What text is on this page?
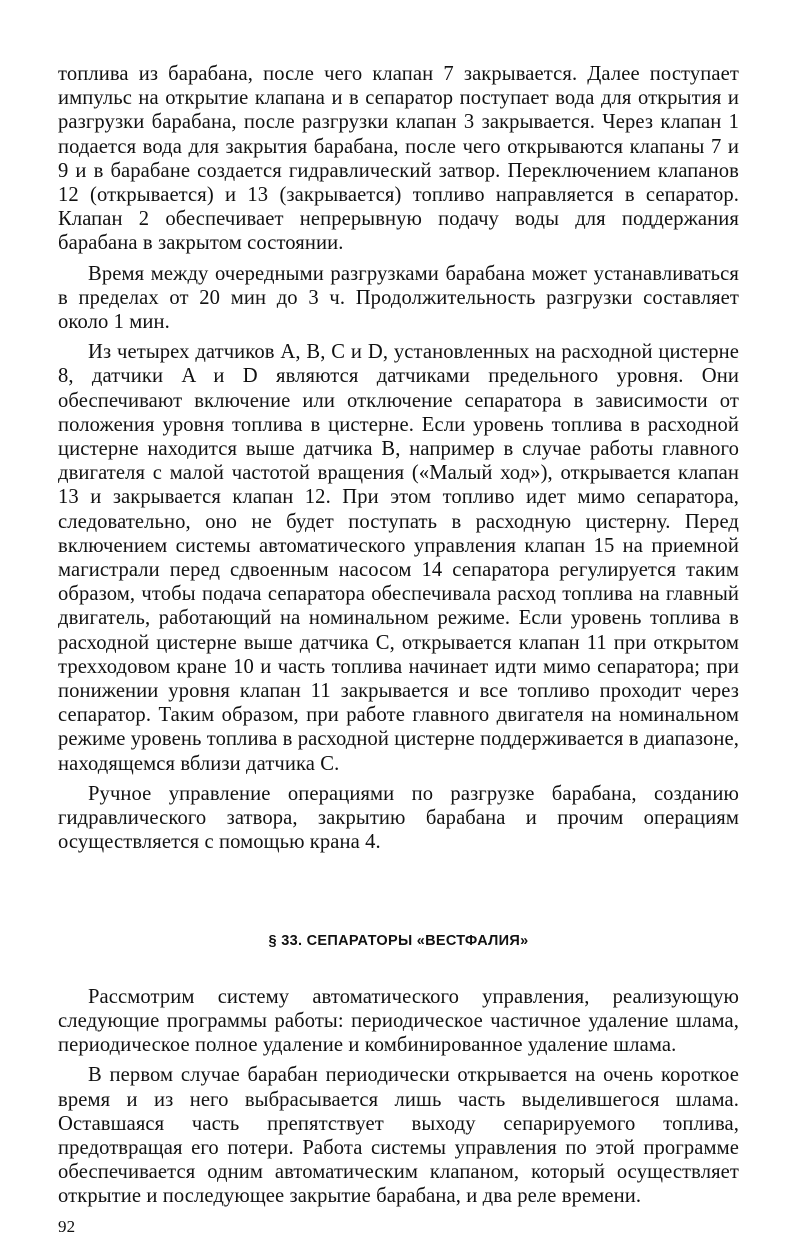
топлива из барабана, после чего клапан 7 закрывается. Далее поступает импульс на открытие клапана и в сепаратор поступает вода для открытия и разгрузки барабана, после разгрузки клапан 3 закрывается. Через клапан 1 подается вода для закрытия барабана, после чего открываются клапаны 7 и 9 и в барабане создается гидравлический затвор. Переключением клапанов 12 (открывается) и 13 (закрывается) топливо направляется в сепаратор. Клапан 2 обеспечивает непрерывную подачу воды для поддержания барабана в закрытом состоянии.

Время между очередными разгрузками барабана может устанавливаться в пределах от 20 мин до 3 ч. Продолжительность разгрузки составляет около 1 мин.

Из четырех датчиков A, B, C и D, установленных на расходной цистерне 8, датчики A и D являются датчиками предельного уровня. Они обеспечивают включение или отключение сепаратора в зависимости от положения уровня топлива в цистерне. Если уровень топлива в расходной цистерне находится выше датчика B, например в случае работы главного двигателя с малой частотой вращения («Малый ход»), открывается клапан 13 и закрывается клапан 12. При этом топливо идет мимо сепаратора, следовательно, оно не будет поступать в расходную цистерну. Перед включением системы автоматического управления клапан 15 на приемной магистрали перед сдвоенным насосом 14 сепаратора регулируется таким образом, чтобы подача сепаратора обеспечивала расход топлива на главный двигатель, работающий на номинальном режиме. Если уровень топлива в расходной цистерне выше датчика C, открывается клапан 11 при открытом трехходовом кране 10 и часть топлива начинает идти мимо сепаратора; при понижении уровня клапан 11 закрывается и все топливо проходит через сепаратор. Таким образом, при работе главного двигателя на номинальном режиме уровень топлива в расходной цистерне поддерживается в диапазоне, находящемся вблизи датчика C.

Ручное управление операциями по разгрузке барабана, созданию гидравлического затвора, закрытию барабана и прочим операциям осуществляется с помощью крана 4.

§ 33. СЕПАРАТОРЫ «ВЕСТФАЛИЯ»

Рассмотрим систему автоматического управления, реализующую следующие программы работы: периодическое частичное удаление шлама, периодическое полное удаление и комбинированное удаление шлама.

В первом случае барабан периодически открывается на очень короткое время и из него выбрасывается лишь часть выделившегося шлама. Оставшаяся часть препятствует выходу сепарируемого топлива, предотвращая его потери. Работа системы управления по этой программе обеспечивается одним автоматическим клапаном, который осуществляет открытие и последующее закрытие барабана, и два реле времени.

92
